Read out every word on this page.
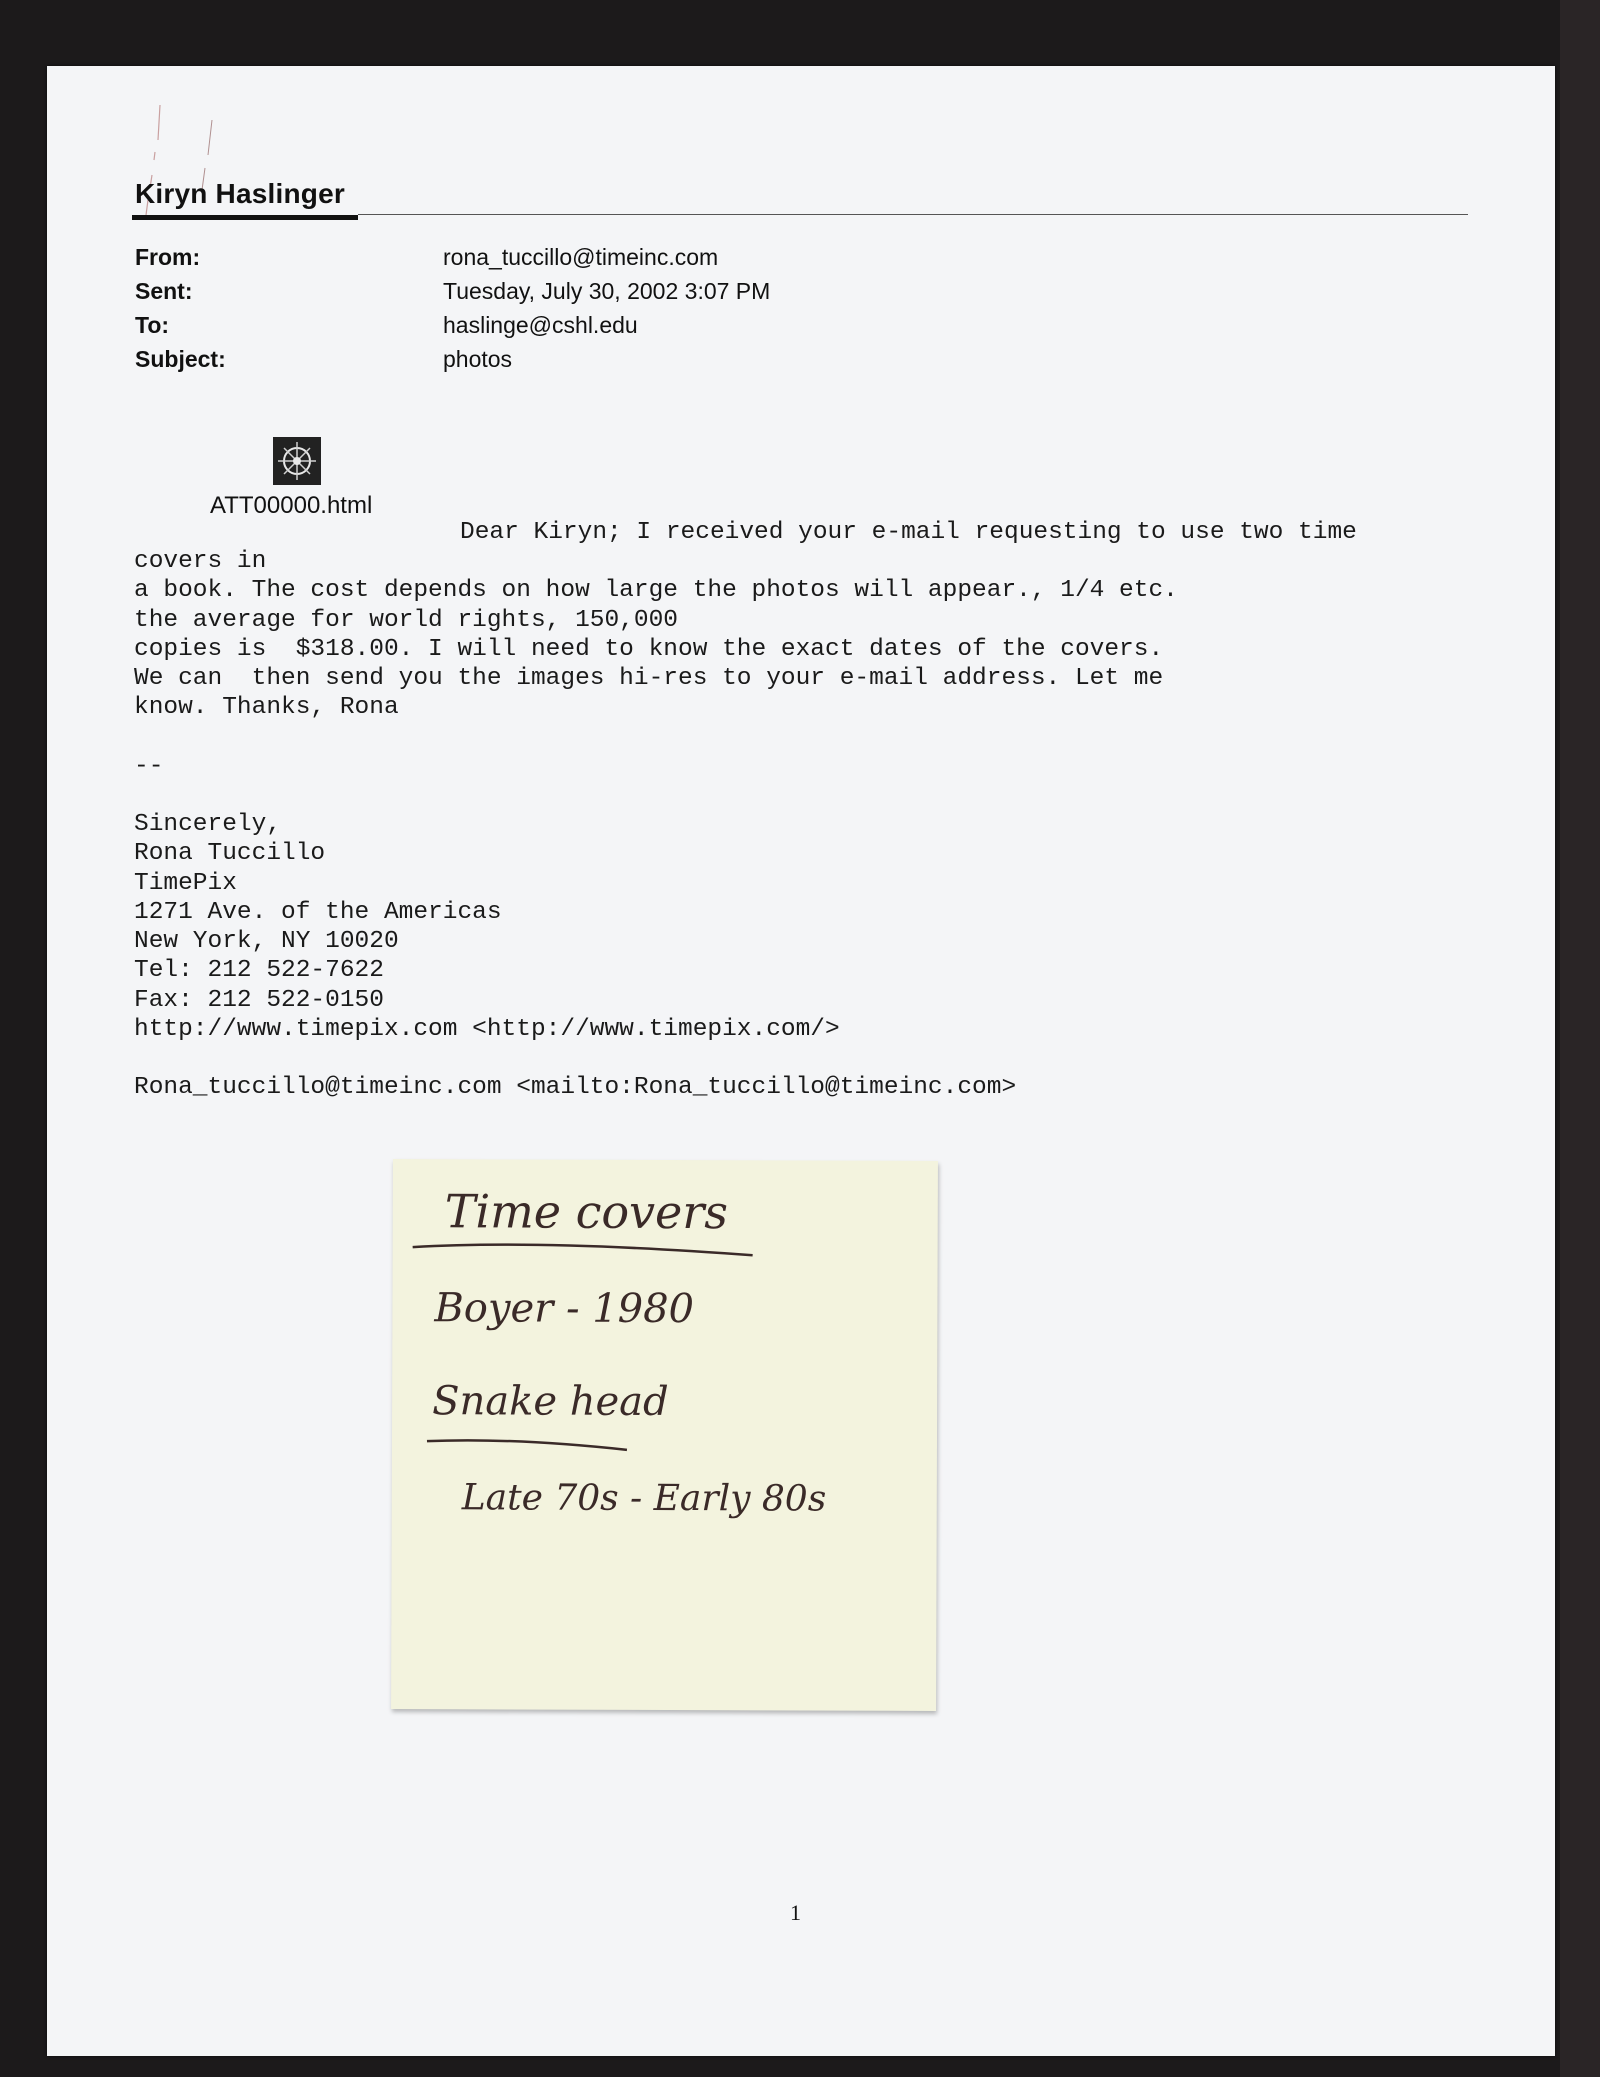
Kiryn Haslinger
From:	rona_tuccillo@timeinc.com
Sent:	Tuesday, July 30, 2002 3:07 PM
To:	haslinge@cshl.edu
Subject:	photos
ATT00000.html
Dear Kiryn; I received your e-mail requesting to use two time
covers in
a book. The cost depends on how large the photos will appear., 1/4 etc.
the average for world rights, 150,000
copies is  $318.00. I will need to know the exact dates of the covers.
We can  then send you the images hi-res to your e-mail address. Let me
know. Thanks, Rona
--
Sincerely,
Rona Tuccillo
TimePix
1271 Ave. of the Americas
New York, NY 10020
Tel: 212 522-7622
Fax: 212 522-0150
http://www.timepix.com <http://www.timepix.com/>
Rona_tuccillo@timeinc.com <mailto:Rona_tuccillo@timeinc.com>
Time covers
Boyer - 1980
Snake head
Late 70s - Early 80s
1
